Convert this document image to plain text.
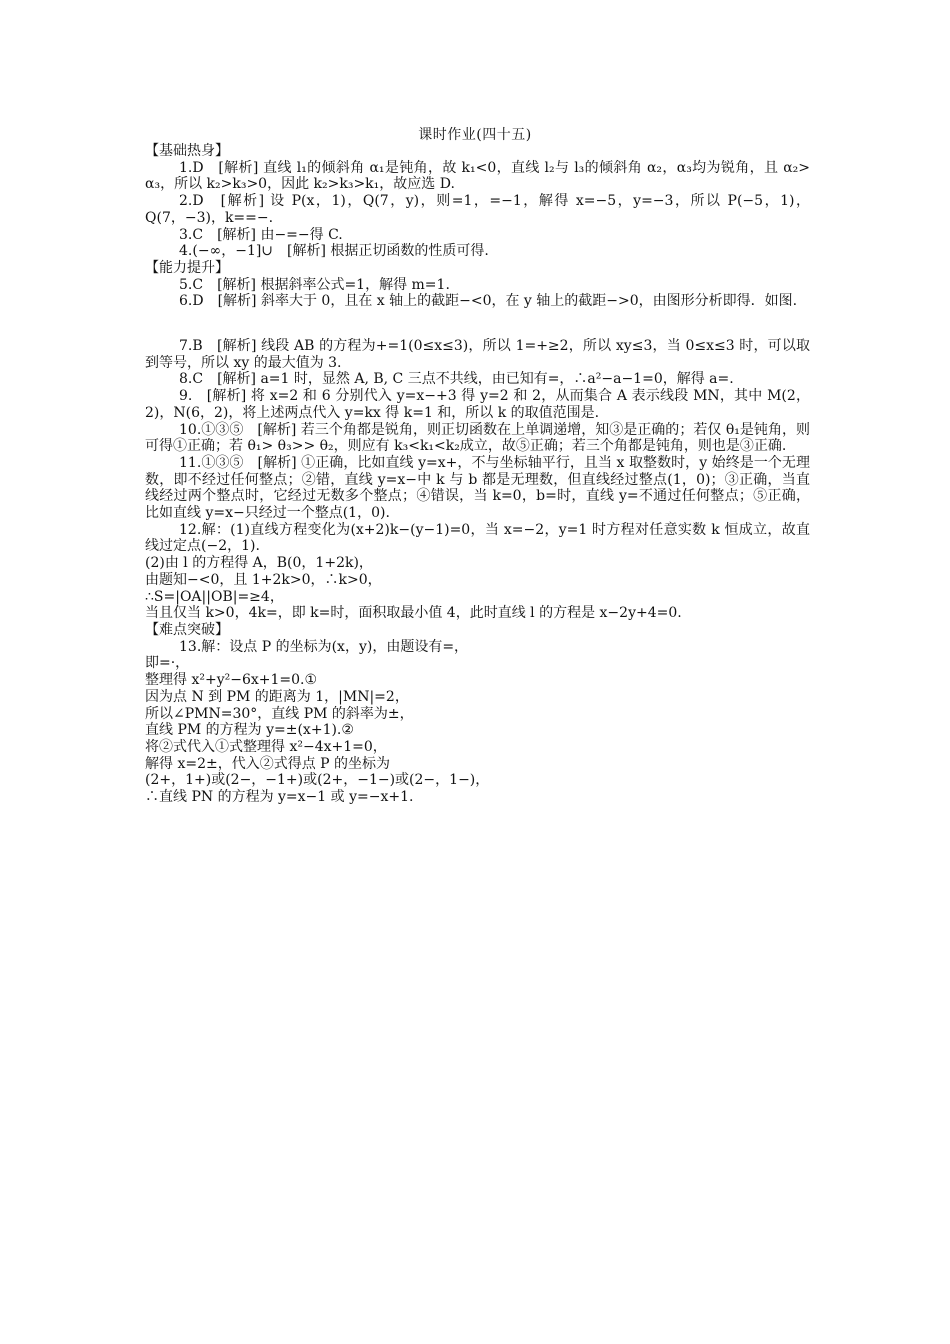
课时作业(四十五)

【基础热身】

1.D　[解析] 直线 l₁的倾斜角 α₁是钝角，故 k₁<0，直线 l₂与 l₃的倾斜角 α₂，α₃均为锐角，且 α₂> α₃，所以 k₂>k₃>0，因此 k₂>k₃>k₁，故应选 D.

2.D　[解析] 设 P(x，1)，Q(7，y)，则=1，=−1，解得 x=−5，y=−3，所以 P(−5，1)，Q(7，−3)，k==−.

3.C　[解析] 由−=−得 C.

4.(−∞，−1]∪　[解析] 根据正切函数的性质可得.

【能力提升】

5.C　[解析] 根据斜率公式=1，解得 m=1.

6.D　[解析] 斜率大于 0，且在 x 轴上的截距−<0，在 y 轴上的截距−>0，由图形分析即得．如图.

7.B　[解析] 线段 AB 的方程为+=1(0≤x≤3)，所以 1=+≥2，所以 xy≤3，当 0≤x≤3 时，可以取到等号，所以 xy 的最大值为 3.

8.C　[解析] a=1 时，显然 A, B, C 三点不共线，由已知有=，∴a²−a−1=0，解得 a=.

9.　[解析] 将 x=2 和 6 分别代入 y=x−+3 得 y=2 和 2，从而集合 A 表示线段 MN，其中 M(2，2)，N(6，2)，将上述两点代入 y=kx 得 k=1 和，所以 k 的取值范围是.

10.①③⑤　[解析] 若三个角都是锐角，则正切函数在上单调递增，知③是正确的；若仅 θ₁是钝角，则可得①正确；若 θ₁> θ₃>> θ₂，则应有 k₃<k₁<k₂成立，故⑤正确；若三个角都是钝角，则也是③正确.

11.①③⑤　[解析] ①正确，比如直线 y=x+，不与坐标轴平行，且当 x 取整数时，y 始终是一个无理数，即不经过任何整点；②错，直线 y=x−中 k 与 b 都是无理数，但直线经过整点(1，0)；③正确，当直线经过两个整点时，它经过无数多个整点；④错误，当 k=0，b=时，直线 y=不通过任何整点；⑤正确，比如直线 y=x−只经过一个整点(1，0).

12.解：(1)直线方程变化为(x+2)k−(y−1)=0，当 x=−2，y=1 时方程对任意实数 k 恒成立，故直线过定点(−2，1).

(2)由 l 的方程得 A，B(0，1+2k)，

由题知−<0，且 1+2k>0，∴k>0，

∴S=|OA||OB|=≥4，

当且仅当 k>0，4k=，即 k=时，面积取最小值 4，此时直线 l 的方程是 x−2y+4=0.

【难点突破】

13.解：设点 P 的坐标为(x，y)，由题设有=，

即=·，

整理得 x²+y²−6x+1=0.①

因为点 N 到 PM 的距离为 1，|MN|=2，

所以∠PMN=30°，直线 PM 的斜率为±，

直线 PM 的方程为 y=±(x+1).②

将②式代入①式整理得 x²−4x+1=0，

解得 x=2±，代入②式得点 P 的坐标为

(2+，1+)或(2−，−1+)或(2+，−1−)或(2−，1−)，

∴直线 PN 的方程为 y=x−1 或 y=−x+1.
